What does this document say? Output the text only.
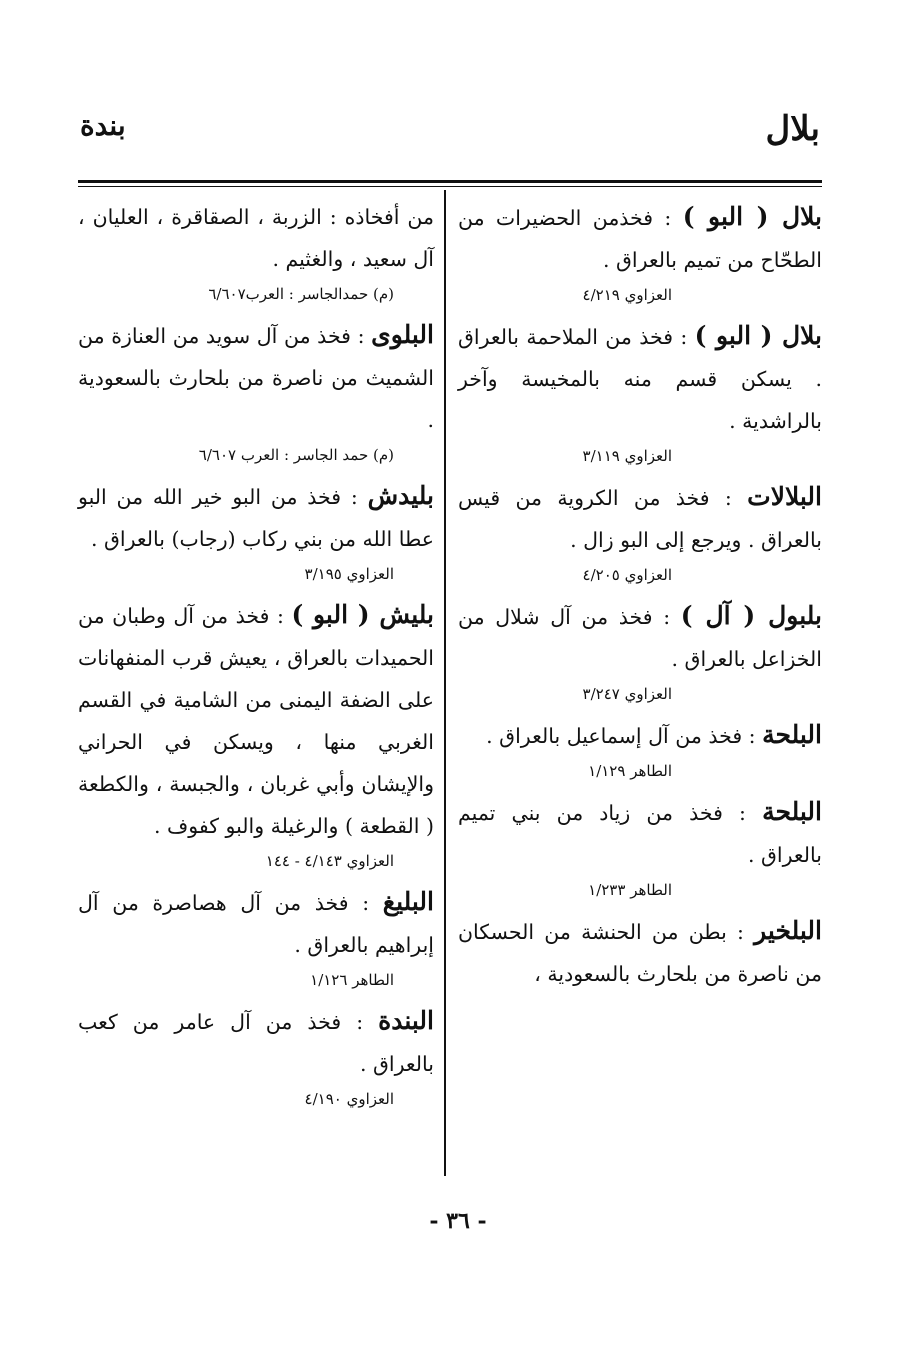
بلال
بندة

بلال ( البو ) : فخذمن الحضيرات من الطحّاح من تميم بالعراق .

العزاوي ٤/٢١٩

بلال ( البو ) : فخذ من الملاحمة بالعراق . يسكن قسم منه بالمخيسة وآخر بالراشدية .

العزاوي ٣/١١٩

البلالات : فخذ من الكروية من قيس بالعراق . ويرجع إلى البو زال .

العزاوي ٤/٢٠٥

بلبول ( آل ) : فخذ من آل شلال من الخزاعل بالعراق .

العزاوي ٣/٢٤٧

البلحة : فخذ من آل إسماعيل بالعراق .

الطاهر ١/١٢٩

البلحة : فخذ من زياد من بني تميم بالعراق .

الطاهر ١/٢٣٣

البلخير : بطن من الحنشة من الحسكان من ناصرة من بلحارث بالسعودية ،

من أفخاذه : الزربة ، الصقاقرة ، العليان ، آل سعيد ، والغثيم .

(م) حمدالجاسر : العرب٦/٦٠٧

البلوى : فخذ من آل سويد من العنازة من الشميث من ناصرة من بلحارث بالسعودية .

(م) حمد الجاسر : العرب ٦/٦٠٧

بليدش : فخذ من البو خير الله من البو عطا الله من بني ركاب (رجاب) بالعراق .

العزاوي ٣/١٩٥

بليش ( البو ) : فخذ من آل وطبان من الحميدات بالعراق ، يعيش قرب المنفهانات على الضفة اليمنى من الشامية في القسم الغربي منها ، ويسكن في الحراني والإيشان وأبي غربان ، والجبسة ، والكطعة ( القطعة ) والرغيلة والبو كفوف .

العزاوي ٤/١٤٣ - ١٤٤

البليغ : فخذ من آل هصاصرة من آل إبراهيم بالعراق .

الطاهر ١/١٢٦

البندة : فخذ من آل عامر من كعب بالعراق .

العزاوي ٤/١٩٠
- ٣٦ -
